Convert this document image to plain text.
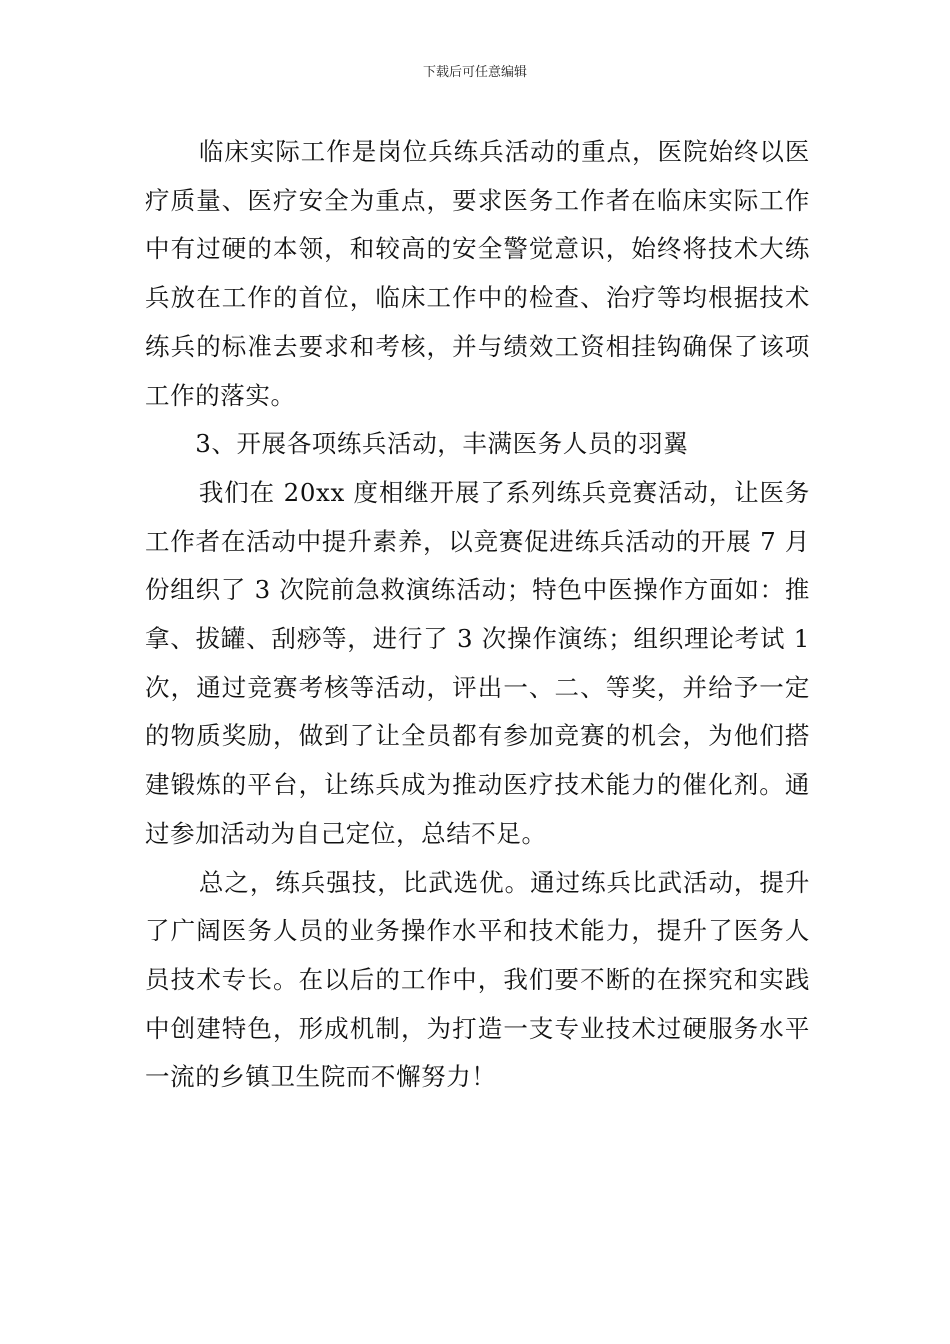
下载后可任意编辑

临床实际工作是岗位兵练兵活动的重点，医院始终以医疗质量、医疗安全为重点，要求医务工作者在临床实际工作中有过硬的本领，和较高的安全警觉意识，始终将技术大练兵放在工作的首位，临床工作中的检查、治疗等均根据技术练兵的标准去要求和考核，并与绩效工资相挂钩确保了该项工作的落实。

3、开展各项练兵活动，丰满医务人员的羽翼

我们在 20xx 度相继开展了系列练兵竞赛活动，让医务工作者在活动中提升素养，以竞赛促进练兵活动的开展 7 月份组织了 3 次院前急救演练活动；特色中医操作方面如：推拿、拔罐、刮痧等，进行了 3 次操作演练；组织理论考试 1 次，通过竞赛考核等活动，评出一、二、等奖，并给予一定的物质奖励，做到了让全员都有参加竞赛的机会，为他们搭建锻炼的平台，让练兵成为推动医疗技术能力的催化剂。通过参加活动为自己定位，总结不足。

总之，练兵强技，比武选优。通过练兵比武活动，提升了广阔医务人员的业务操作水平和技术能力，提升了医务人员技术专长。在以后的工作中，我们要不断的在探究和实践中创建特色，形成机制，为打造一支专业技术过硬服务水平一流的乡镇卫生院而不懈努力！
